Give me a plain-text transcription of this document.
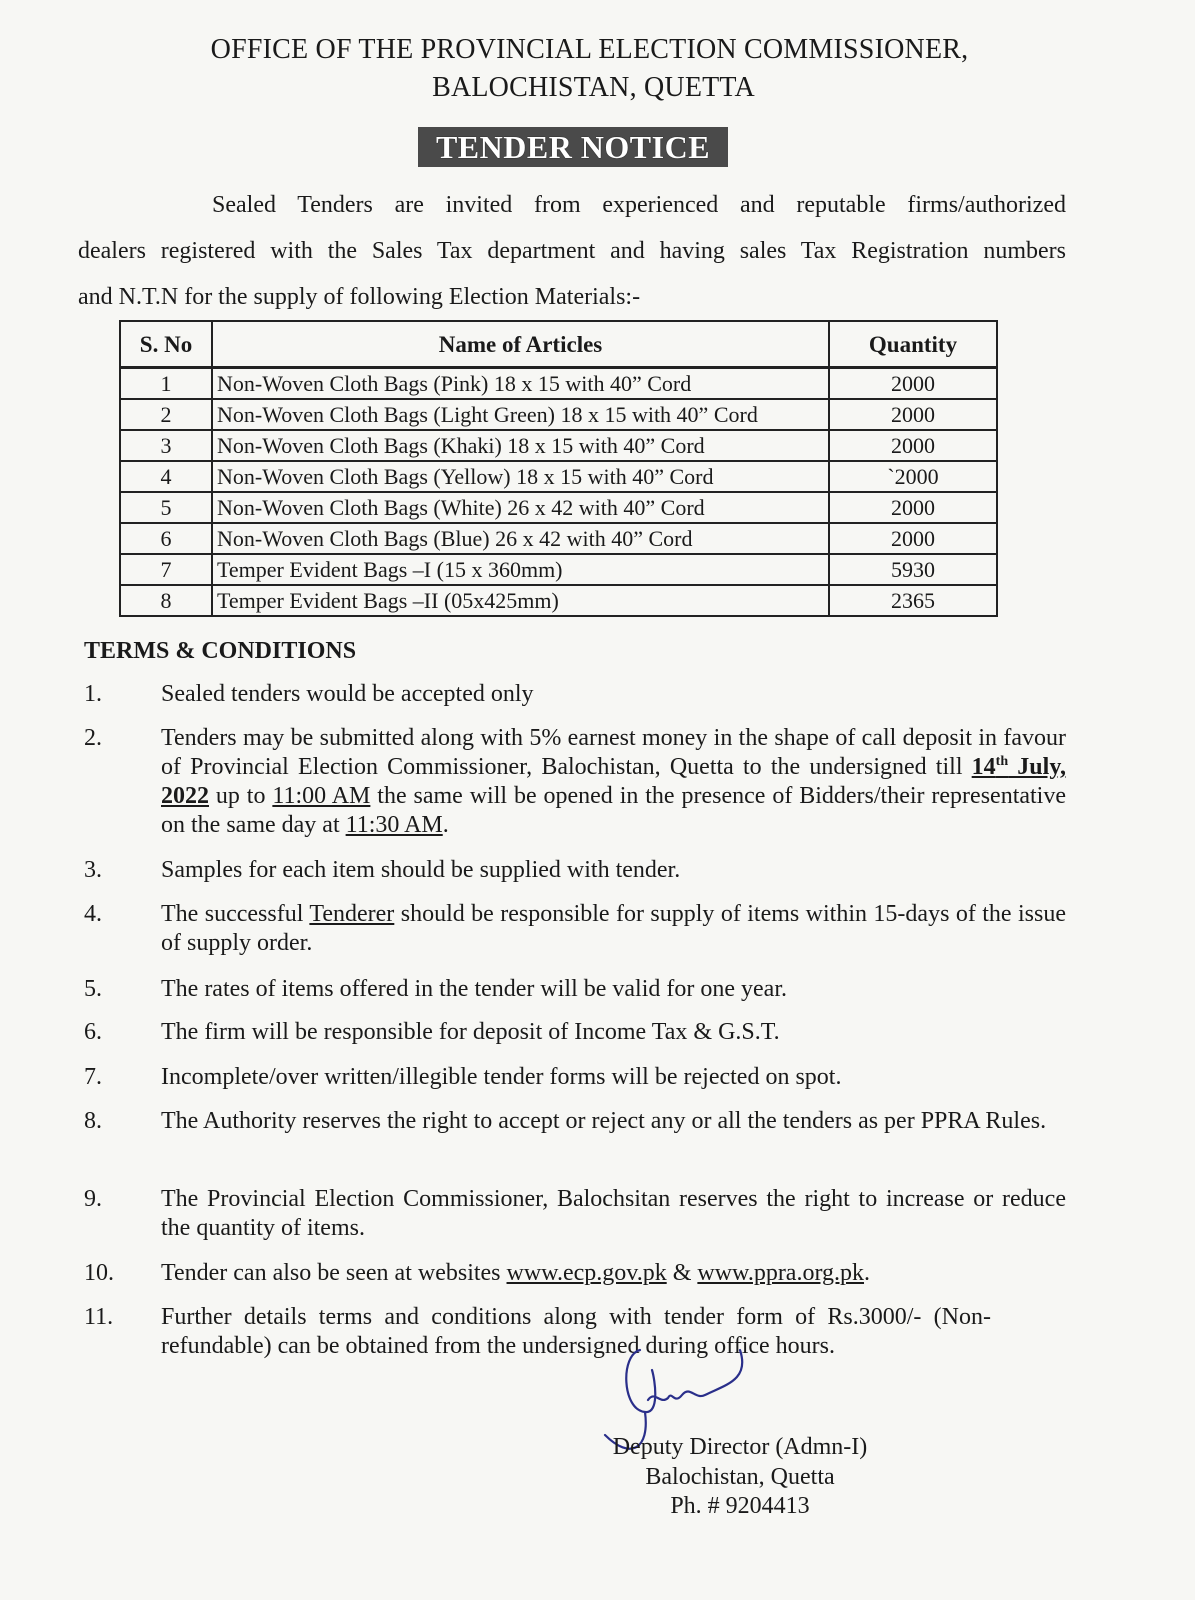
OFFICE OF THE PROVINCIAL ELECTION COMMISSIONER,
BALOCHISTAN, QUETTA
TENDER NOTICE
Sealed Tenders are invited from experienced and reputable firms/authorized
dealers registered with the Sales Tax department and having sales Tax Registration numbers
and N.T.N for the supply of following Election Materials:-
S. No	Name of Articles	Quantity
1	Non-Woven Cloth Bags (Pink) 18 x 15 with 40” Cord	2000
2	Non-Woven Cloth Bags (Light Green) 18 x 15 with 40” Cord	2000
3	Non-Woven Cloth Bags (Khaki) 18 x 15 with 40” Cord	2000
4	Non-Woven Cloth Bags (Yellow) 18 x 15 with 40” Cord	`2000
5	Non-Woven Cloth Bags (White) 26 x 42 with 40” Cord	2000
6	Non-Woven Cloth Bags (Blue) 26 x 42 with 40” Cord	2000
7	Temper Evident Bags –I (15 x 360mm)	5930
8	Temper Evident Bags –II (05x425mm)	2365
TERMS & CONDITIONS
1.	Sealed tenders would be accepted only
2.	Tenders may be submitted along with 5% earnest money in the shape of call deposit in favour of Provincial Election Commissioner, Balochistan, Quetta to the undersigned till 14th July, 2022 up to 11:00 AM the same will be opened in the presence of Bidders/their representative on the same day at 11:30 AM.
3.	Samples for each item should be supplied with tender.
4.	The successful Tenderer should be responsible for supply of items within 15-days of the issue of supply order.
5.	The rates of items offered in the tender will be valid for one year.
6.	The firm will be responsible for deposit of Income Tax & G.S.T.
7.	Incomplete/over written/illegible tender forms will be rejected on spot.
8.	The Authority reserves the right to accept or reject any or all the tenders as per PPRA Rules.
9.	The Provincial Election Commissioner, Balochsitan reserves the right to increase or reduce the quantity of items.
10.	Tender can also be seen at websites www.ecp.gov.pk & www.ppra.org.pk.
11.	Further details terms and conditions along with tender form of Rs.3000/- (Non-refundable) can be obtained from the undersigned during office hours.
Deputy Director (Admn-I)
Balochistan, Quetta
Ph. # 9204413
